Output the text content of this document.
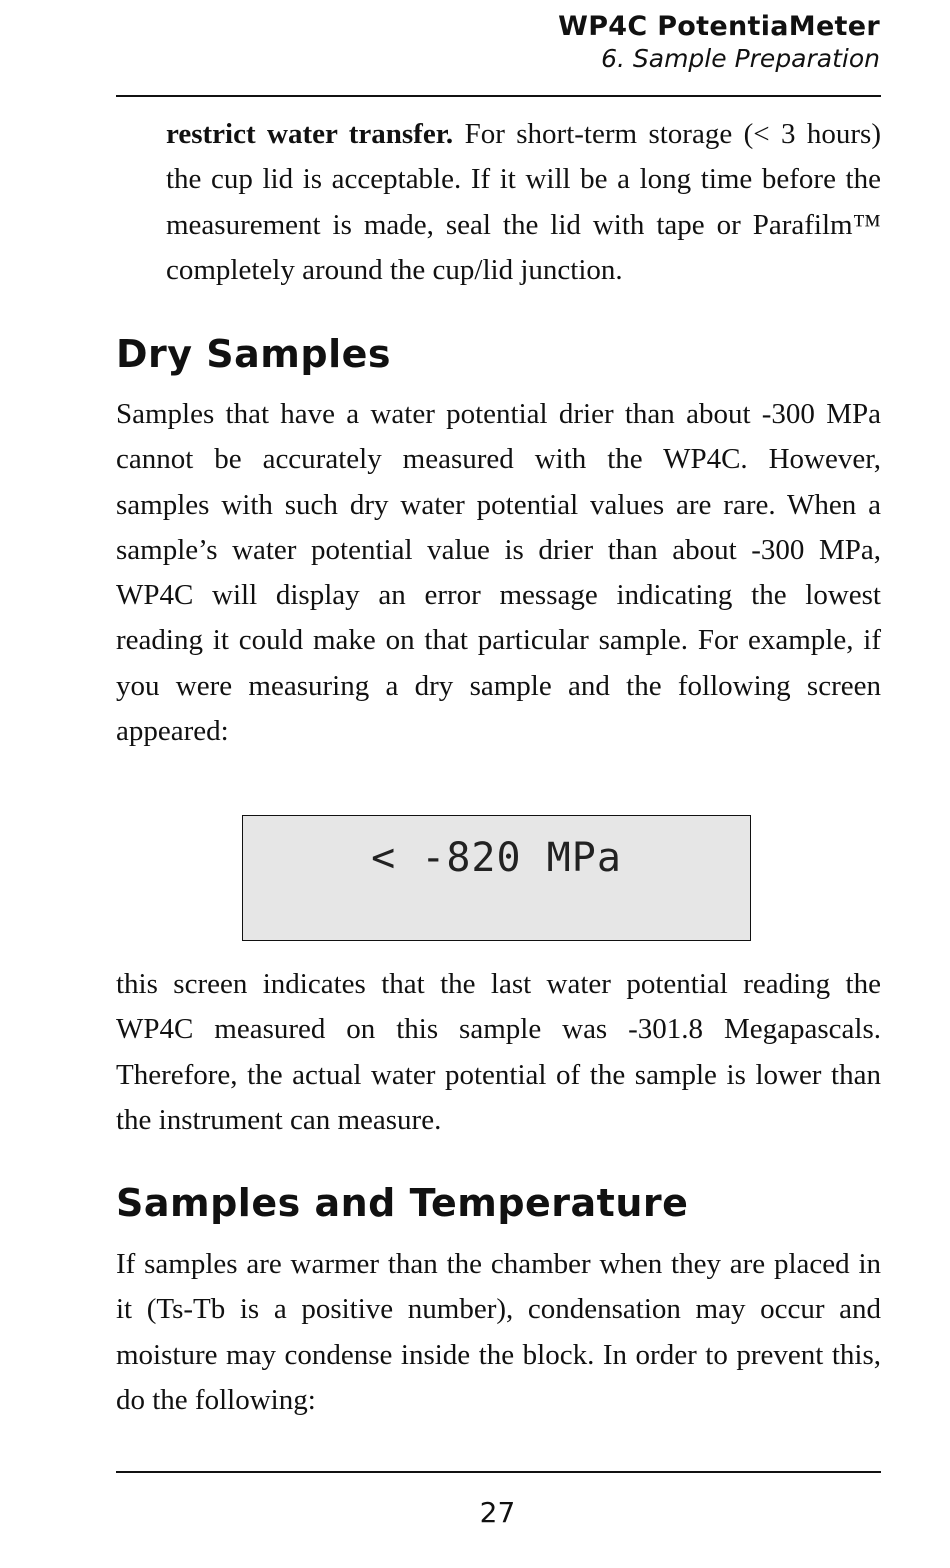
WP4C PotentiaMeter
6. Sample Preparation

restrict water transfer. For short-term storage (< 3 hours) the cup lid is acceptable. If it will be a long time before the measurement is made, seal the lid with tape or Parafilm™ completely around the cup/lid junction.

Dry Samples

Samples that have a water potential drier than about -300 MPa cannot be accurately measured with the WP4C. However, samples with such dry water potential values are rare. When a sample’s water potential value is drier than about -300 MPa, WP4C will display an error message indicating the lowest reading it could make on that particular sample. For example, if you were measuring a dry sample and the following screen appeared:

< -820 MPa

this screen indicates that the last water potential reading the WP4C measured on this sample was -301.8 Megapascals. Therefore, the actual water potential of the sample is lower than the instrument can measure.

Samples and Temperature

If samples are warmer than the chamber when they are placed in it (Ts-Tb is a positive number), condensation may occur and moisture may condense inside the block. In order to prevent this, do the following:

27
